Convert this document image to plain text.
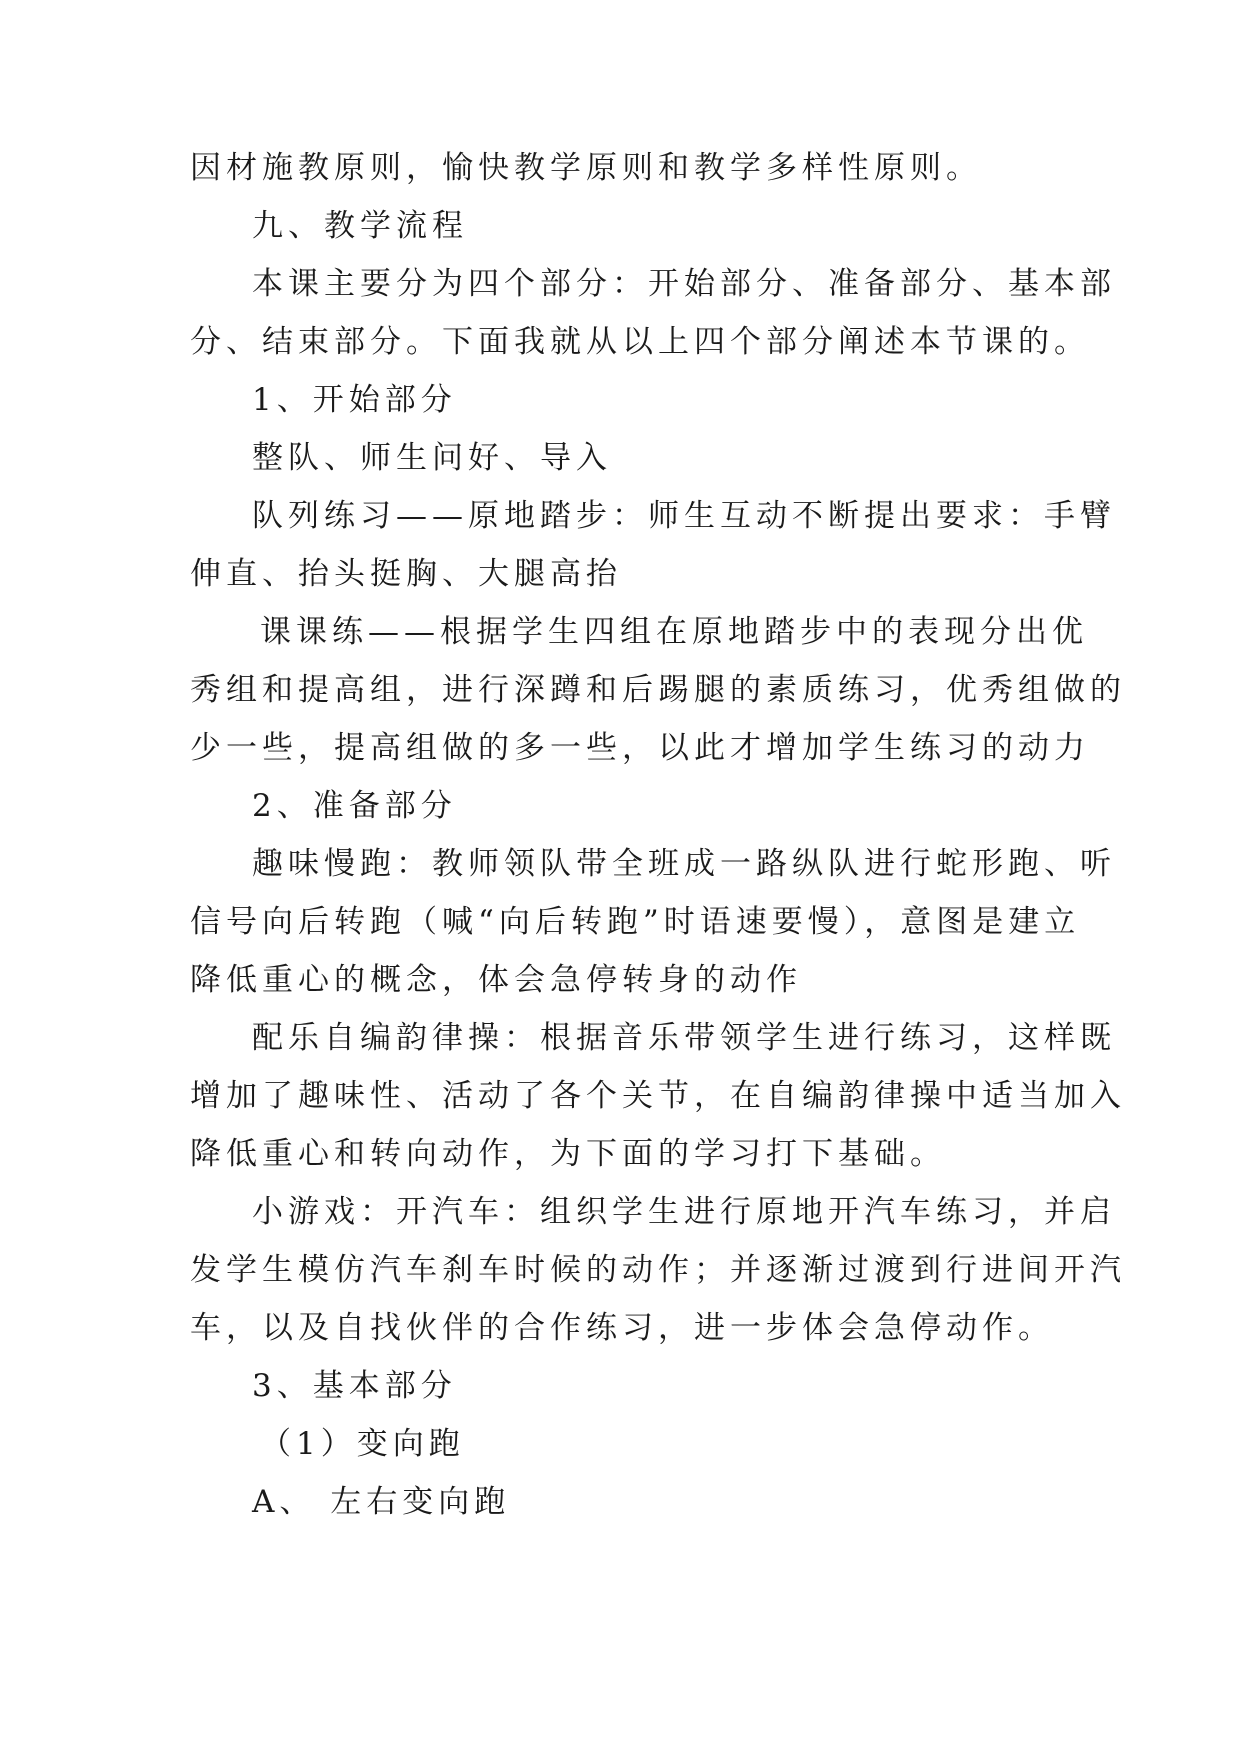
因材施教原则，愉快教学原则和教学多样性原则。
九、教学流程
本课主要分为四个部分：开始部分、准备部分、基本部
分、结束部分。下面我就从以上四个部分阐述本节课的。
1、开始部分
整队、师生问好、导入
队列练习——原地踏步：师生互动不断提出要求：手臂
伸直、抬头挺胸、大腿高抬
课课练——根据学生四组在原地踏步中的表现分出优
秀组和提高组，进行深蹲和后踢腿的素质练习，优秀组做的
少一些，提高组做的多一些，以此才增加学生练习的动力
2、准备部分
趣味慢跑：教师领队带全班成一路纵队进行蛇形跑、听
信号向后转跑（喊“向后转跑”时语速要慢），意图是建立
降低重心的概念，体会急停转身的动作
配乐自编韵律操：根据音乐带领学生进行练习，这样既
增加了趣味性、活动了各个关节，在自编韵律操中适当加入
降低重心和转向动作，为下面的学习打下基础。
小游戏：开汽车：组织学生进行原地开汽车练习，并启
发学生模仿汽车刹车时候的动作；并逐渐过渡到行进间开汽
车，以及自找伙伴的合作练习，进一步体会急停动作。
3、基本部分
（1）变向跑
A、 左右变向跑
